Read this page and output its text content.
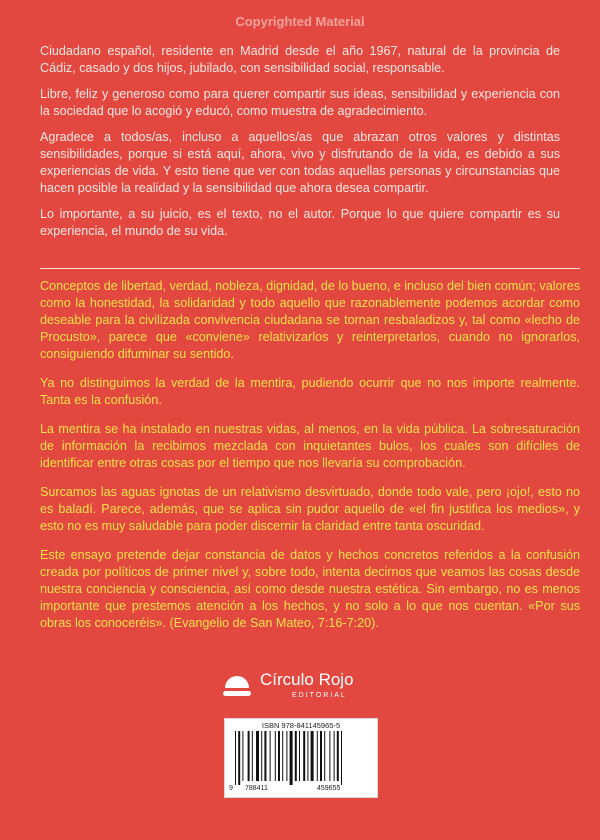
Copyrighted Material

Ciudadano español, residente en Madrid desde el año 1967, natural de la provincia de Cádiz, casado y dos hijos, jubilado, con sensibilidad social, responsable.

Libre, feliz y generoso como para querer compartir sus ideas, sensibilidad y experiencia con la sociedad que lo acogió y educó, como muestra de agradecimiento.

Agradece a todos/as, incluso a aquellos/as que abrazan otros valores y distintas sensibilidades, porque si está aquí, ahora, vivo y disfrutando de la vida, es debido a sus experiencias de vida. Y esto tiene que ver con todas aquellas personas y circunstancias que hacen posible la realidad y la sensibilidad que ahora desea compartir.

Lo importante, a su juicio, es el texto, no el autor. Porque lo que quiere compartir es su experiencia, el mundo de su vida.

Conceptos de libertad, verdad, nobleza, dignidad, de lo bueno, e incluso del bien común; valores como la honestidad, la solidaridad y todo aquello que razonablemente podemos acordar como deseable para la civilizada convivencia ciudadana se tornan resbaladizos y, tal como «lecho de Procusto», parece que «conviene» relativizarlos y reinterpretarlos, cuando no ignorarlos, consiguiendo difuminar su sentido.

Ya no distinguimos la verdad de la mentira, pudiendo ocurrir que no nos importe realmente. Tanta es la confusión.

La mentira se ha instalado en nuestras vidas, al menos, en la vida pública. La sobresaturación de información la recibimos mezclada con inquietantes bulos, los cuales son difíciles de identificar entre otras cosas por el tiempo que nos llevaría su comprobación.

Surcamos las aguas ignotas de un relativismo desvirtuado, donde todo vale, pero ¡ojo!, esto no es baladí. Parece, además, que se aplica sin pudor aquello de «el fin justifica los medios», y esto no es muy saludable para poder discernir la claridad entre tanta oscuridad.

Este ensayo pretende dejar constancia de datos y hechos concretos referidos a la confusión creada por políticos de primer nivel y, sobre todo, intenta decirnos que veamos las cosas desde nuestra conciencia y consciencia, así como desde nuestra estética. Sin embargo, no es menos importante que prestemos atención a los hechos, y no solo a lo que nos cuentan. «Por sus obras los conoceréis». (Evangelio de San Mateo, 7:16-7:20).

Círculo Rojo
EDITORIAL
ISBN 978-841145965-5
9 788411	459655
